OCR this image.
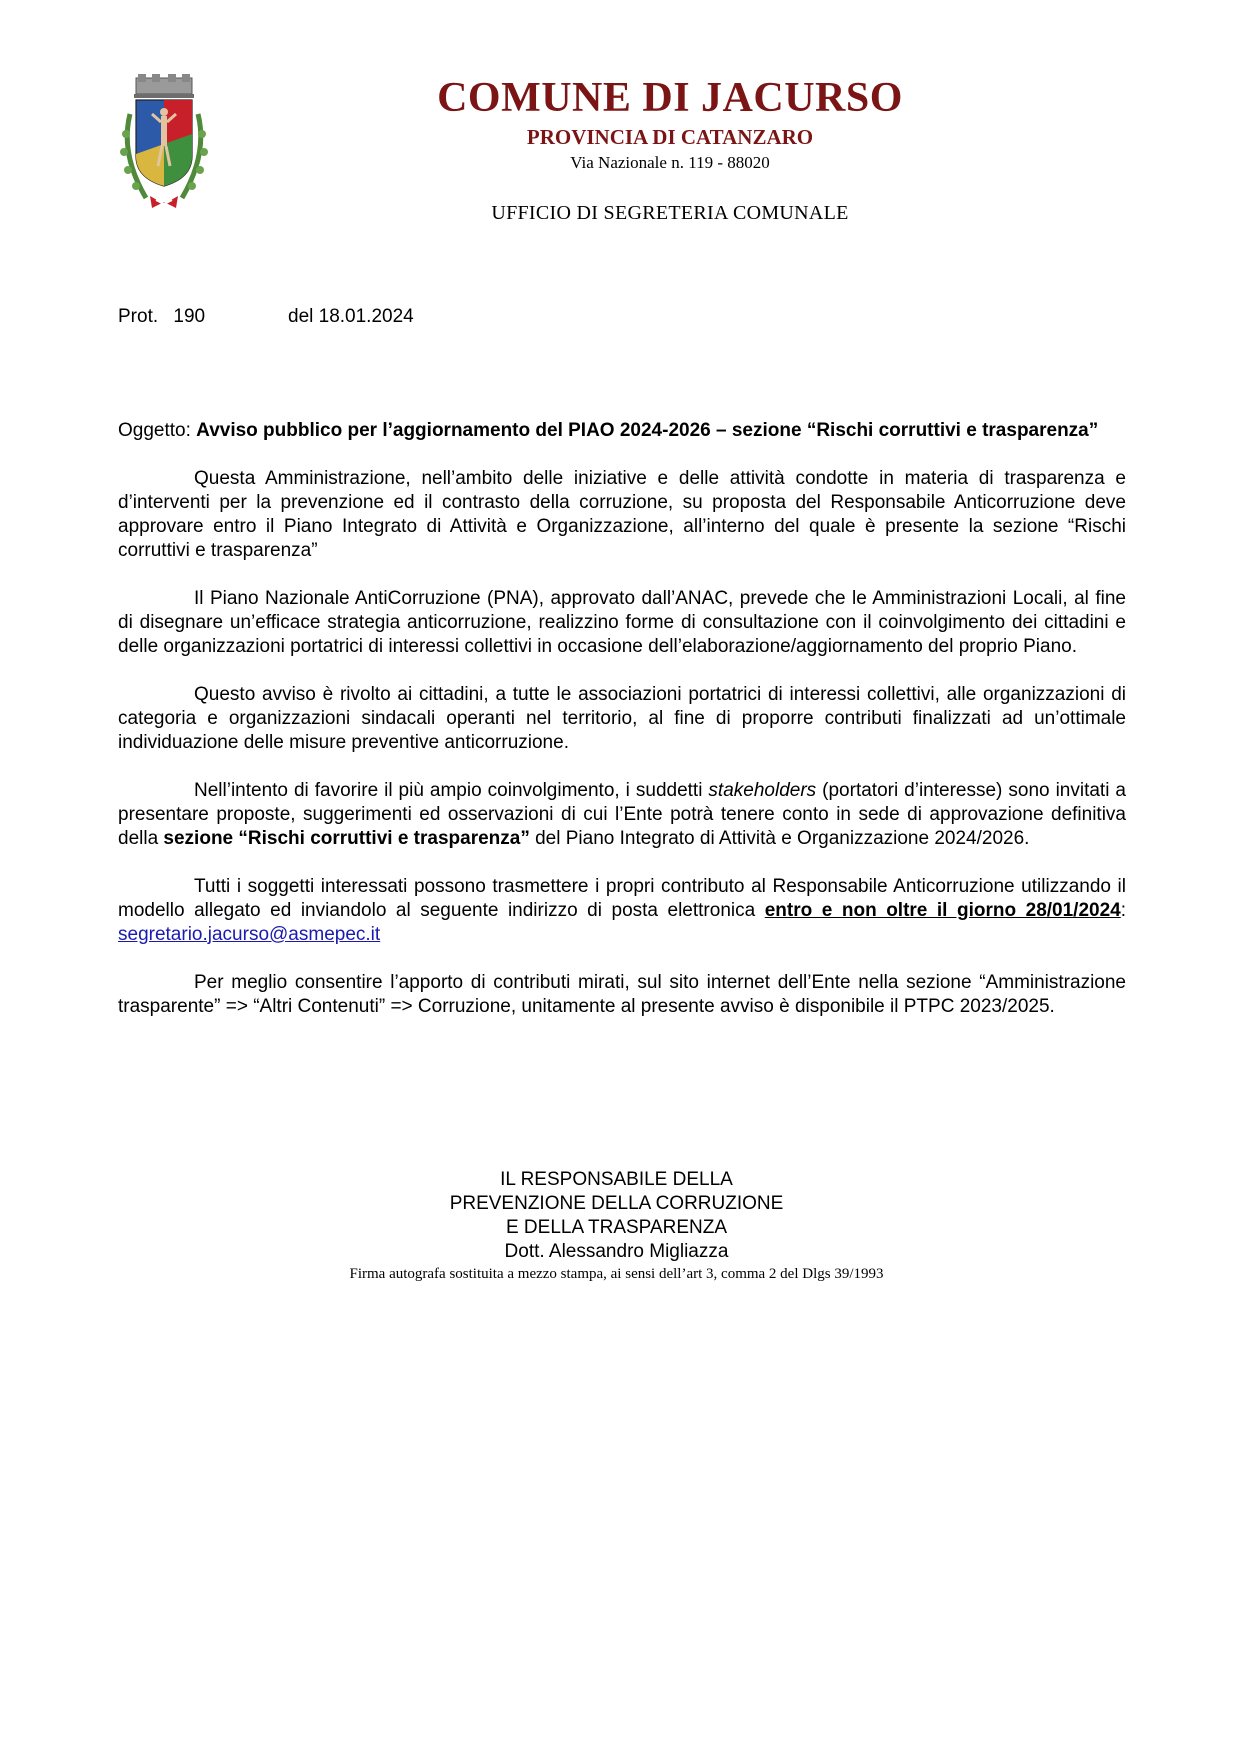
COMUNE DI JACURSO
PROVINCIA DI CATANZARO
Via Nazionale n. 119 - 88020
UFFICIO DI SEGRETERIA COMUNALE
Prot. 190	del 18.01.2024

Oggetto: Avviso pubblico per l’aggiornamento del PIAO 2024-2026 – sezione “Rischi corruttivi e trasparenza”

Questa Amministrazione, nell’ambito delle iniziative e delle attività condotte in materia di trasparenza e d’interventi per la prevenzione ed il contrasto della corruzione, su proposta del Responsabile Anticorruzione deve approvare entro il Piano Integrato di Attività e Organizzazione, all’interno del quale è presente la sezione “Rischi corruttivi e trasparenza”

Il Piano Nazionale AntiCorruzione (PNA), approvato dall’ANAC, prevede che le Amministrazioni Locali, al fine di disegnare un’efficace strategia anticorruzione, realizzino forme di consultazione con il coinvolgimento dei cittadini e delle organizzazioni portatrici di interessi collettivi in occasione dell’elaborazione/aggiornamento del proprio Piano.

Questo avviso è rivolto ai cittadini, a tutte le associazioni portatrici di interessi collettivi, alle organizzazioni di categoria e organizzazioni sindacali operanti nel territorio, al fine di proporre contributi finalizzati ad un’ottimale individuazione delle misure preventive anticorruzione.

Nell’intento di favorire il più ampio coinvolgimento, i suddetti stakeholders (portatori d’interesse) sono invitati a presentare proposte, suggerimenti ed osservazioni di cui l’Ente potrà tenere conto in sede di approvazione definitiva della sezione “Rischi corruttivi e trasparenza” del Piano Integrato di Attività e Organizzazione 2024/2026.

Tutti i soggetti interessati possono trasmettere i propri contributo al Responsabile Anticorruzione utilizzando il modello allegato ed inviandolo al seguente indirizzo di posta elettronica entro e non oltre il giorno 28/01/2024: segretario.jacurso@asmepec.it

Per meglio consentire l’apporto di contributi mirati, sul sito internet dell’Ente nella sezione “Amministrazione trasparente” => “Altri Contenuti” => Corruzione, unitamente al presente avviso è disponibile il PTPC 2023/2025.

IL RESPONSABILE DELLA
PREVENZIONE DELLA CORRUZIONE
E DELLA TRASPARENZA
Dott. Alessandro Migliazza
Firma autografa sostituita a mezzo stampa, ai sensi dell’art 3, comma 2 del Dlgs 39/1993
